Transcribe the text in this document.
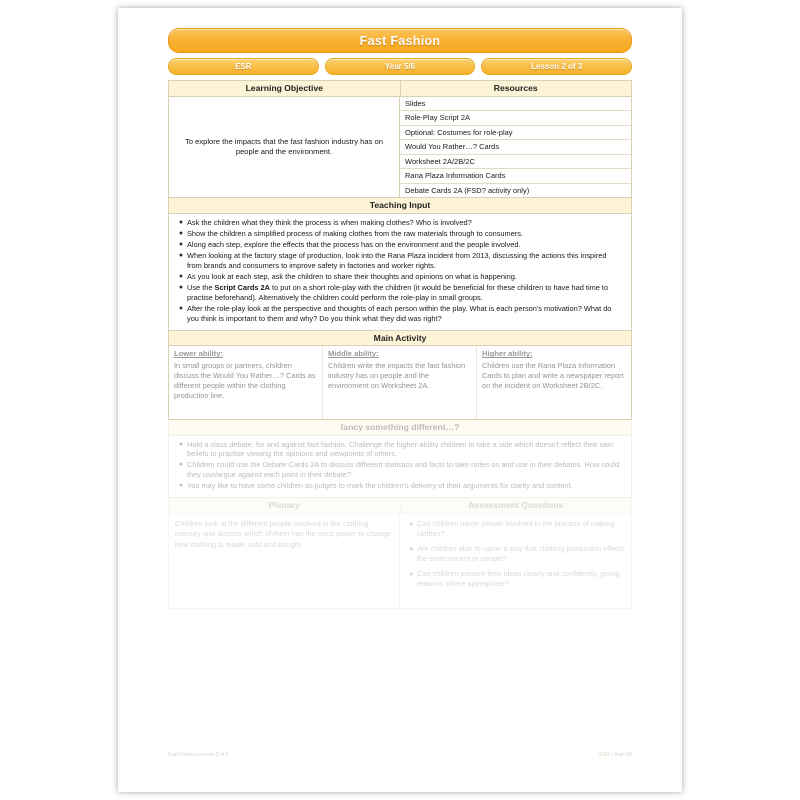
Fast Fashion
ESR	Year 5/6	Lesson 2 of 3
Learning Objective	Resources
To explore the impacts that the fast fashion industry has on people and the environment.
Slides
Role-Play Script 2A
Optional: Costumes for role-play
Would You Rather…? Cards
Worksheet 2A/2B/2C
Rana Plaza Information Cards
Debate Cards 2A (FSD? activity only)
Teaching Input
● Ask the children what they think the process is when making clothes? Who is involved?
● Show the children a simplified process of making clothes from the raw materials through to consumers.
● Along each step, explore the effects that the process has on the environment and the people involved.
● When looking at the factory stage of production, look into the Rana Plaza incident from 2013, discussing the actions this inspired from brands and consumers to improve safety in factories and worker rights.
● As you look at each step, ask the children to share their thoughts and opinions on what is happening.
● Use the Script Cards 2A to put on a short role-play with the children (it would be beneficial for these children to have had time to practise beforehand). Alternatively the children could perform the role-play in small groups.
● After the role-play look at the perspective and thoughts of each person within the play. What is each person's motivation? What do you think is important to them and why? Do you think what they did was right?
Main Activity
Lower ability:
In small groups or partners, children discuss the Would You Rather…? Cards as different people within the clothing production line.
Middle ability:
Children write the impacts the fast fashion industry has on people and the environment on Worksheet 2A.
Higher ability:
Children use the Rana Plaza Information Cards to plan and write a newspaper report on the incident on Worksheet 2B/2C.
fancy something different…?
● Hold a class debate, for and against fast fashion. Challenge the higher-ability children to take a side which doesn't reflect their own beliefs to practise viewing the opinions and viewpoints of others.
● Children could use the Debate Cards 2A to discuss different statistics and facts to take notes on and use in their debates. How could they use/argue against each point in their debate?
● You may like to have some children as judges to mark the children's delivery of their arguments for clarity and content.
Plenary	Assessment Questions
Children look at the different people involved in the clothing industry and discuss which of them has the most power to change how clothing is made, sold and bought.
● Can children name people involved in the process of making clothes?
● Are children able to name a way that clothing production effects the environment or people?
● Can children present their ideas clearly and confidently, giving reasons where appropriate?
Fast Fashion Lesson 2 of 3	ESR | Year 5/6
